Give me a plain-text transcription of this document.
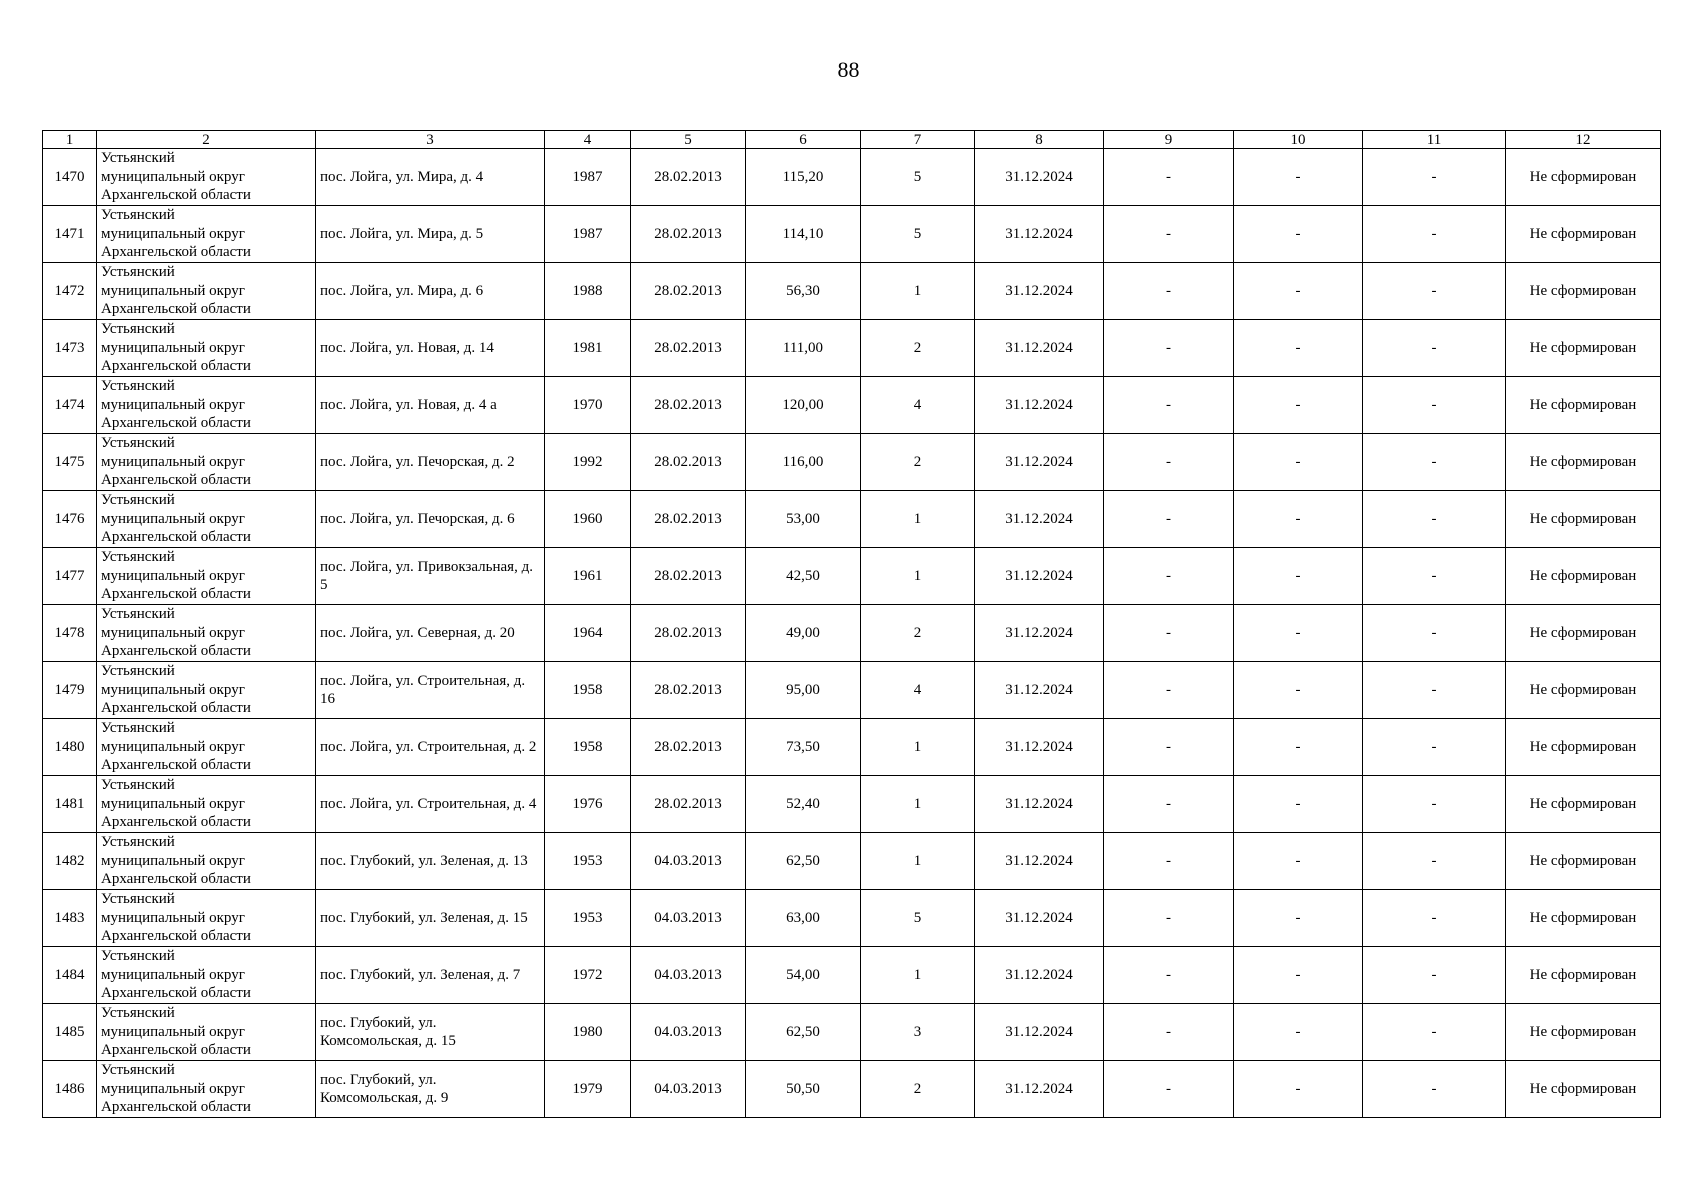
88
1	2	3	4	5	6	7	8	9	10	11	12
1470	Устьянский
муниципальный округ
Архангельской области	пос. Лойга, ул. Мира, д. 4	1987	28.02.2013	115,20	5	31.12.2024	-	-	-	Не сформирован
1471	Устьянский
муниципальный округ
Архангельской области	пос. Лойга, ул. Мира, д. 5	1987	28.02.2013	114,10	5	31.12.2024	-	-	-	Не сформирован
1472	Устьянский
муниципальный округ
Архангельской области	пос. Лойга, ул. Мира, д. 6	1988	28.02.2013	56,30	1	31.12.2024	-	-	-	Не сформирован
1473	Устьянский
муниципальный округ
Архангельской области	пос. Лойга, ул. Новая, д. 14	1981	28.02.2013	111,00	2	31.12.2024	-	-	-	Не сформирован
1474	Устьянский
муниципальный округ
Архангельской области	пос. Лойга, ул. Новая, д. 4 а	1970	28.02.2013	120,00	4	31.12.2024	-	-	-	Не сформирован
1475	Устьянский
муниципальный округ
Архангельской области	пос. Лойга, ул. Печорская, д. 2	1992	28.02.2013	116,00	2	31.12.2024	-	-	-	Не сформирован
1476	Устьянский
муниципальный округ
Архангельской области	пос. Лойга, ул. Печорская, д. 6	1960	28.02.2013	53,00	1	31.12.2024	-	-	-	Не сформирован
1477	Устьянский
муниципальный округ
Архангельской области	пос. Лойга, ул. Привокзальная, д. 5	1961	28.02.2013	42,50	1	31.12.2024	-	-	-	Не сформирован
1478	Устьянский
муниципальный округ
Архангельской области	пос. Лойга, ул. Северная, д. 20	1964	28.02.2013	49,00	2	31.12.2024	-	-	-	Не сформирован
1479	Устьянский
муниципальный округ
Архангельской области	пос. Лойга, ул. Строительная, д. 16	1958	28.02.2013	95,00	4	31.12.2024	-	-	-	Не сформирован
1480	Устьянский
муниципальный округ
Архангельской области	пос. Лойга, ул. Строительная, д. 2	1958	28.02.2013	73,50	1	31.12.2024	-	-	-	Не сформирован
1481	Устьянский
муниципальный округ
Архангельской области	пос. Лойга, ул. Строительная, д. 4	1976	28.02.2013	52,40	1	31.12.2024	-	-	-	Не сформирован
1482	Устьянский
муниципальный округ
Архангельской области	пос. Глубокий, ул. Зеленая, д. 13	1953	04.03.2013	62,50	1	31.12.2024	-	-	-	Не сформирован
1483	Устьянский
муниципальный округ
Архангельской области	пос. Глубокий, ул. Зеленая, д. 15	1953	04.03.2013	63,00	5	31.12.2024	-	-	-	Не сформирован
1484	Устьянский
муниципальный округ
Архангельской области	пос. Глубокий, ул. Зеленая, д. 7	1972	04.03.2013	54,00	1	31.12.2024	-	-	-	Не сформирован
1485	Устьянский
муниципальный округ
Архангельской области	пос. Глубокий, ул. Комсомольская, д. 15	1980	04.03.2013	62,50	3	31.12.2024	-	-	-	Не сформирован
1486	Устьянский
муниципальный округ
Архангельской области	пос. Глубокий, ул. Комсомольская, д. 9	1979	04.03.2013	50,50	2	31.12.2024	-	-	-	Не сформирован
